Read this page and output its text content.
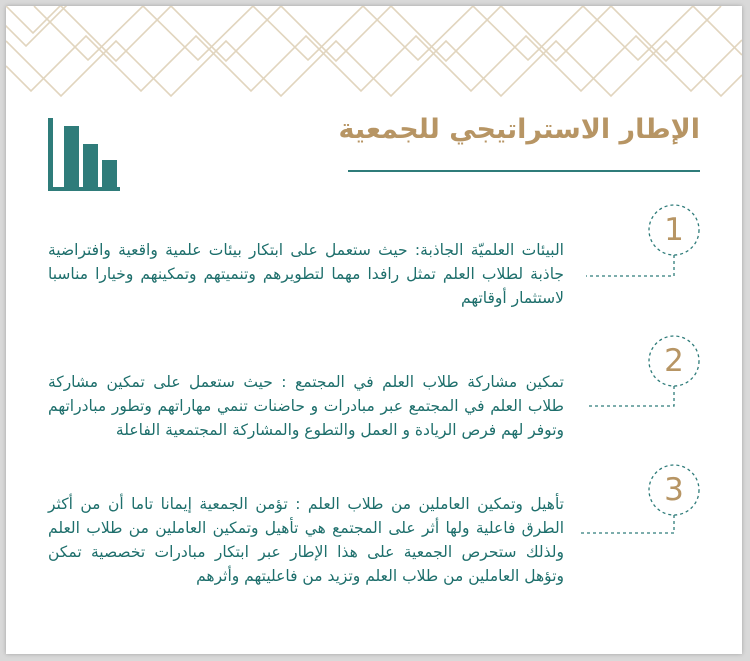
الإطار الاستراتيجي للجمعية
1
2
3

البيئات العلميّة الجاذبة: حيث ستعمل على ابتكار بيئات علمية واقعية وافتراضية جاذبة لطلاب العلم تمثل رافدا مهما لتطويرهم وتنميتهم وتمكينهم وخيارا مناسبا لاستثمار أوقاتهم

تمكين مشاركة طلاب العلم في المجتمع : حيث ستعمل على تمكين مشاركة طلاب العلم في المجتمع عبر مبادرات و حاضنات تنمي مهاراتهم وتطور مبادراتهم وتوفر لهم فرص الريادة و العمل والتطوع والمشاركة المجتمعية الفاعلة

تأهيل وتمكين العاملين من طلاب العلم : تؤمن الجمعية إيمانا تاما أن من أكثر الطرق فاعلية ولها أثر على المجتمع هي تأهيل وتمكين العاملين من طلاب العلم ولذلك ستحرص الجمعية على هذا الإطار عبر ابتكار مبادرات تخصصية تمكن وتؤهل العاملين من طلاب العلم وتزيد من فاعليتهم وأثرهم
